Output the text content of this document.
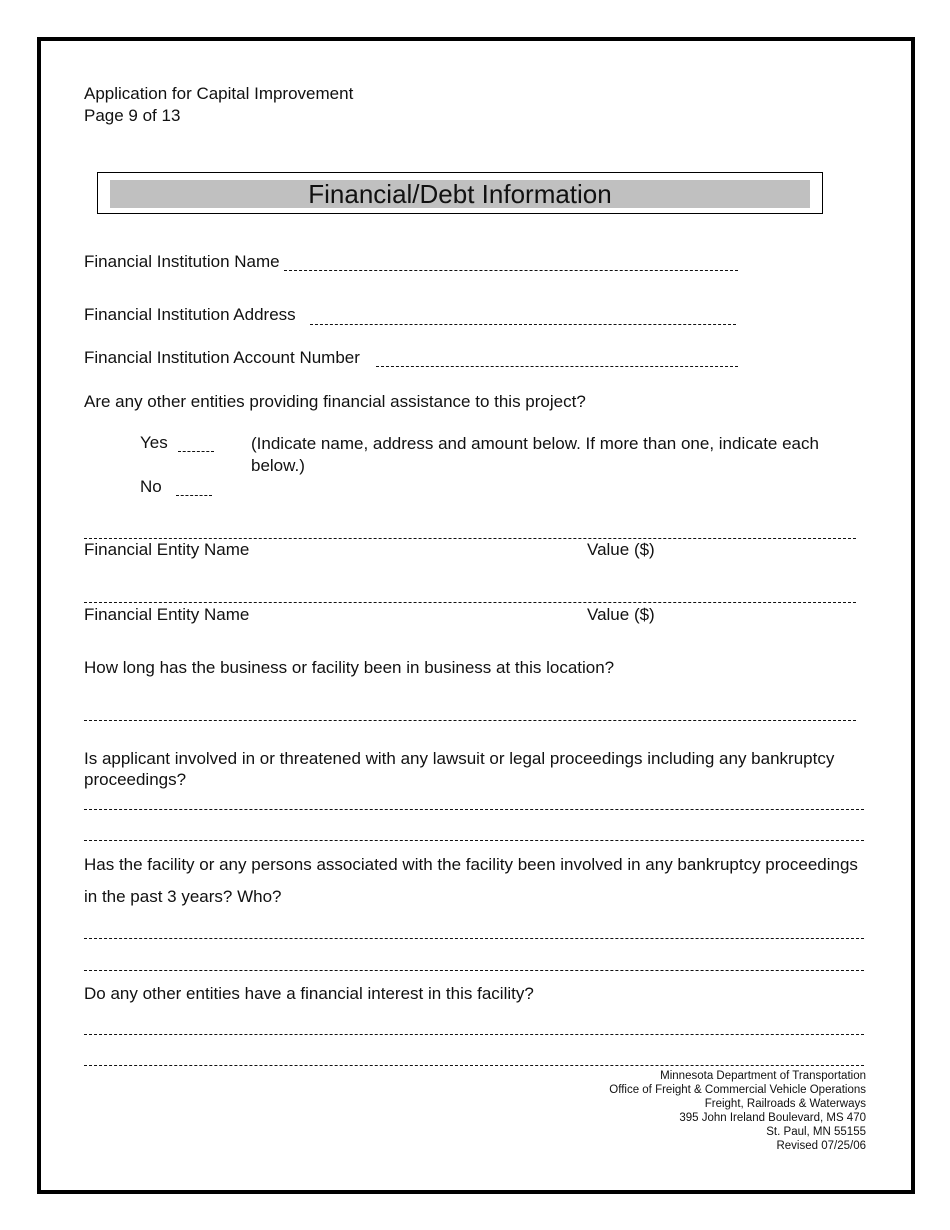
Application for Capital Improvement
Page 9 of 13
Financial/Debt Information
Financial Institution Name
Financial Institution Address
Financial Institution Account Number
Are any other entities providing financial assistance to this project?
Yes	(Indicate name, address and amount below. If more than one, indicate each below.)
No
Financial Entity Name	Value ($)
Financial Entity Name	Value ($)
How long has the business or facility been in business at this location?
Is applicant involved in or threatened with any lawsuit or legal proceedings including any bankruptcy proceedings?
Has the facility or any persons associated with the facility been involved in any bankruptcy proceedings
in the past 3 years? Who?
Do any other entities have a financial interest in this facility?
Minnesota Department of Transportation
Office of Freight & Commercial Vehicle Operations
Freight, Railroads & Waterways
395 John Ireland Boulevard, MS 470
St. Paul, MN 55155
Revised 07/25/06
